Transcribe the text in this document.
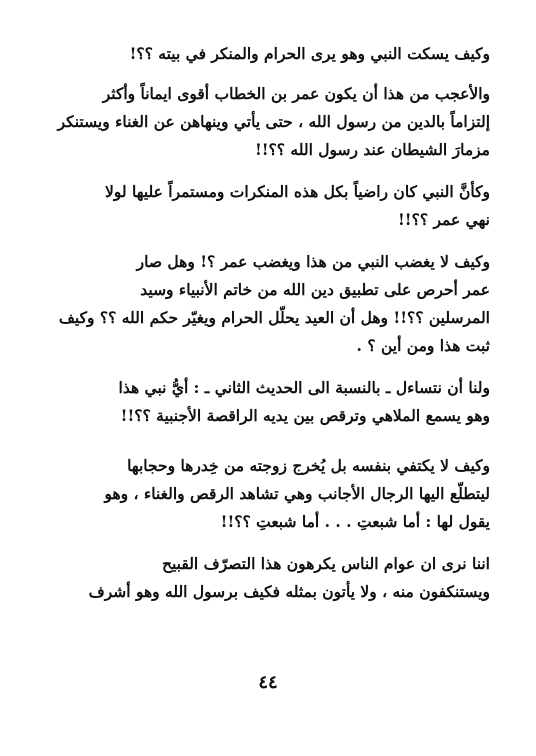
وكيف يسكت النبي وهو يرى الحرام والمنكر في بيته ؟؟!

والأعجب من هذا أن يكون عمر بن الخطاب أقوى ايماناً وأكثر
إلتزاماً بالدين من رسول الله ، حتى يأتي وينهاهن عن الغناء ويستنكر
مزمارَ الشيطان عند رسول الله ؟؟!!

وكأنَّ النبي كان راضياً بكل هذه المنكرات ومستمراً عليها لولا
نهي عمر ؟؟!!

وكيف لا يغضب النبي من هذا ويغضب عمر ؟! وهل صار
عمر أحرص على تطبيق دين الله من خاتم الأنبياء وسيد
المرسلين ؟؟!! وهل أن العيد يحلّل الحرام ويغيّر حكم الله ؟؟ وكيف
ثبت هذا ومن أين ؟ .

ولنا أن نتساءل ـ بالنسبة الى الحديث الثاني ـ : أيُّ نبي هذا
وهو يسمع الملاهي وترقص بين يديه الراقصة الأجنبية ؟؟!!

وكيف لا يكتفي بنفسه بل يُخرج زوجته من خِدرها وحجابها
ليتطلّع اليها الرجال الأجانب وهي تشاهد الرقص والغناء ، وهو
يقول لها : أما شبعتِ . . . أما شبعتِ ؟؟!!

اننا نرى ان عوام الناس يكرهون هذا التصرّف القبيح
ويستنكفون منه ، ولا يأتون بمثله فكيف برسول الله وهو أشرف

٤٤
